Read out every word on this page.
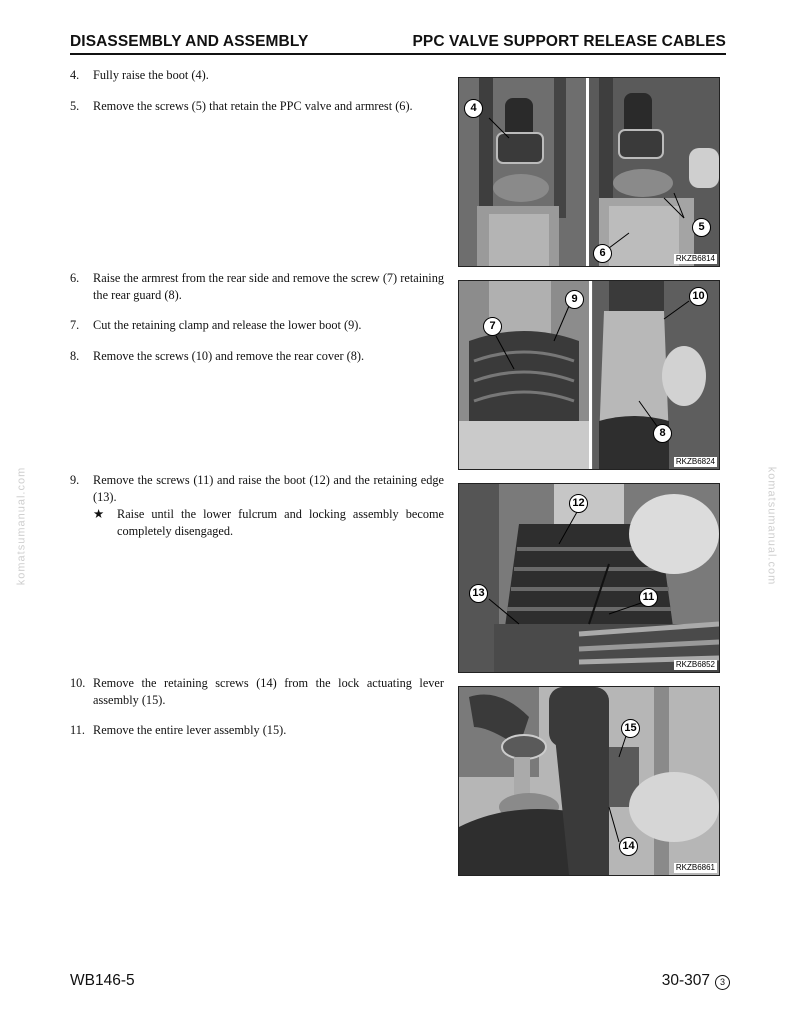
DISASSEMBLY AND ASSEMBLY	PPC VALVE SUPPORT RELEASE CABLES
4. Fully raise the boot (4).
5. Remove the screws (5) that retain the PPC valve and armrest (6).
6. Raise the armrest from the rear side and remove the screw (7) retaining the rear guard (8).
7. Cut the retaining clamp and release the lower boot (9).
8. Remove the screws (10) and remove the rear cover (8).
9. Remove the screws (11) and raise the boot (12) and the retaining edge (13).
★ Raise until the lower fulcrum and locking assembly become completely disengaged.
10. Remove the retaining screws (14) from the lock actuating lever assembly (15).
11. Remove the entire lever assembly (15).
4
5
6	RKZB6814
9	10
7
8
RKZB6824
12
13	11
RKZB6852
15
14
RKZB6861
komatsumanual.com	komatsumanual.com
WB146-5	30-307	3
